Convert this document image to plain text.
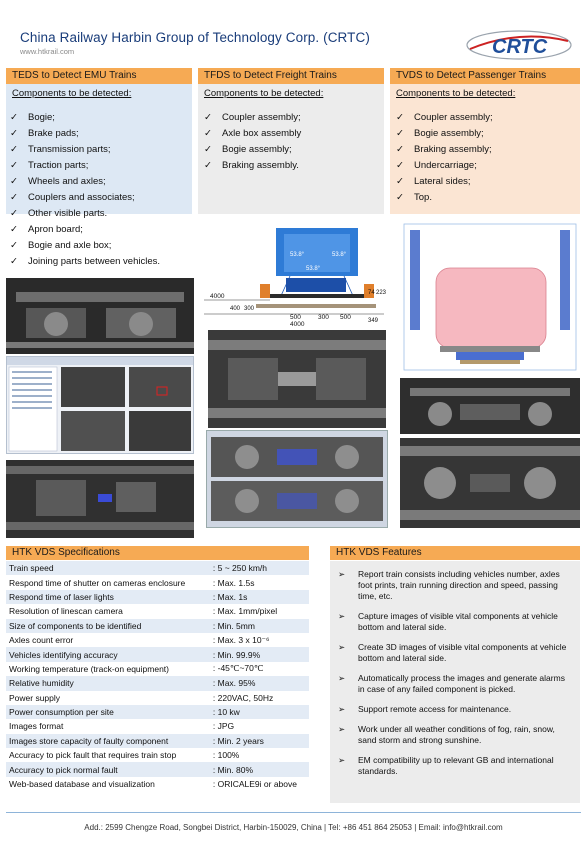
China Railway Harbin Group of Technology Corp. (CRTC)
www.htkrail.com	CRTC
TEDS to Detect EMU Trains
Components to be detected:
✓ Bogie;
✓ Brake pads;
✓ Transmission parts;
✓ Traction parts;
✓ Wheels and axles;
✓ Couplers and associates;
✓ Other visible parts.
✓ Apron board;
✓ Bogie and axle box;
✓ Joining parts between vehicles.
TFDS to Detect Freight Trains
Components to be detected:
✓ Coupler assembly;
✓ Axle box assembly
✓ Bogie assembly;
✓ Braking assembly.
TVDS to Detect Passenger Trains
Components to be detected:
✓ Coupler assembly;
✓ Bogie assembly;
✓ Braking assembly;
✓ Undercarriage;
✓ Lateral sides;
✓ Top.
4000
500	300 500
4000
400 300
74 223
349
53.8°	53.8°
53.8°
HTK VDS Specifications
Train speed	: 5 ~ 250 km/h
Respond time of shutter on cameras enclosure	: Max. 1.5s
Respond time of laser lights	: Max. 1s
Resolution of linescan camera	: Max. 1mm/pixel
Size of components to be identified	: Min. 5mm
Axles count error	: Max. 3 x 10⁻⁶
Vehicles identifying accuracy	: Min. 99.9%
Working temperature (track-on equipment)	: -45℃~70℃
Relative humidity	: Max. 95%
Power supply	: 220VAC, 50Hz
Power consumption per site	: 10 kw
Images format	: JPG
Images store capacity of faulty component	: Min. 2 years
Accuracy to pick fault that requires train stop	: 100%
Accuracy to pick normal fault	: Min. 80%
Web-based database and visualization	: ORICALE9i or above
HTK VDS Features
➢	Report train consists including vehicles number, axles foot prints, train running direction and speed, passing time, etc.
➢	Capture images of visible vital components at vehicle bottom and lateral side.
➢	Create 3D images of visible vital components at vehicle bottom and lateral side.
➢	Automatically process the images and generate alarms in case of any failed component is picked.
➢	Support remote access for maintenance.
➢	Work under all weather conditions of fog, rain, snow, sand storm and strong sunshine.
➢	EM compatibility up to relevant GB and international standards.
Add.: 2599 Chengze Road, Songbei District, Harbin-150029, China | Tel: +86 451 864 25053 | Email: info@htkrail.com
